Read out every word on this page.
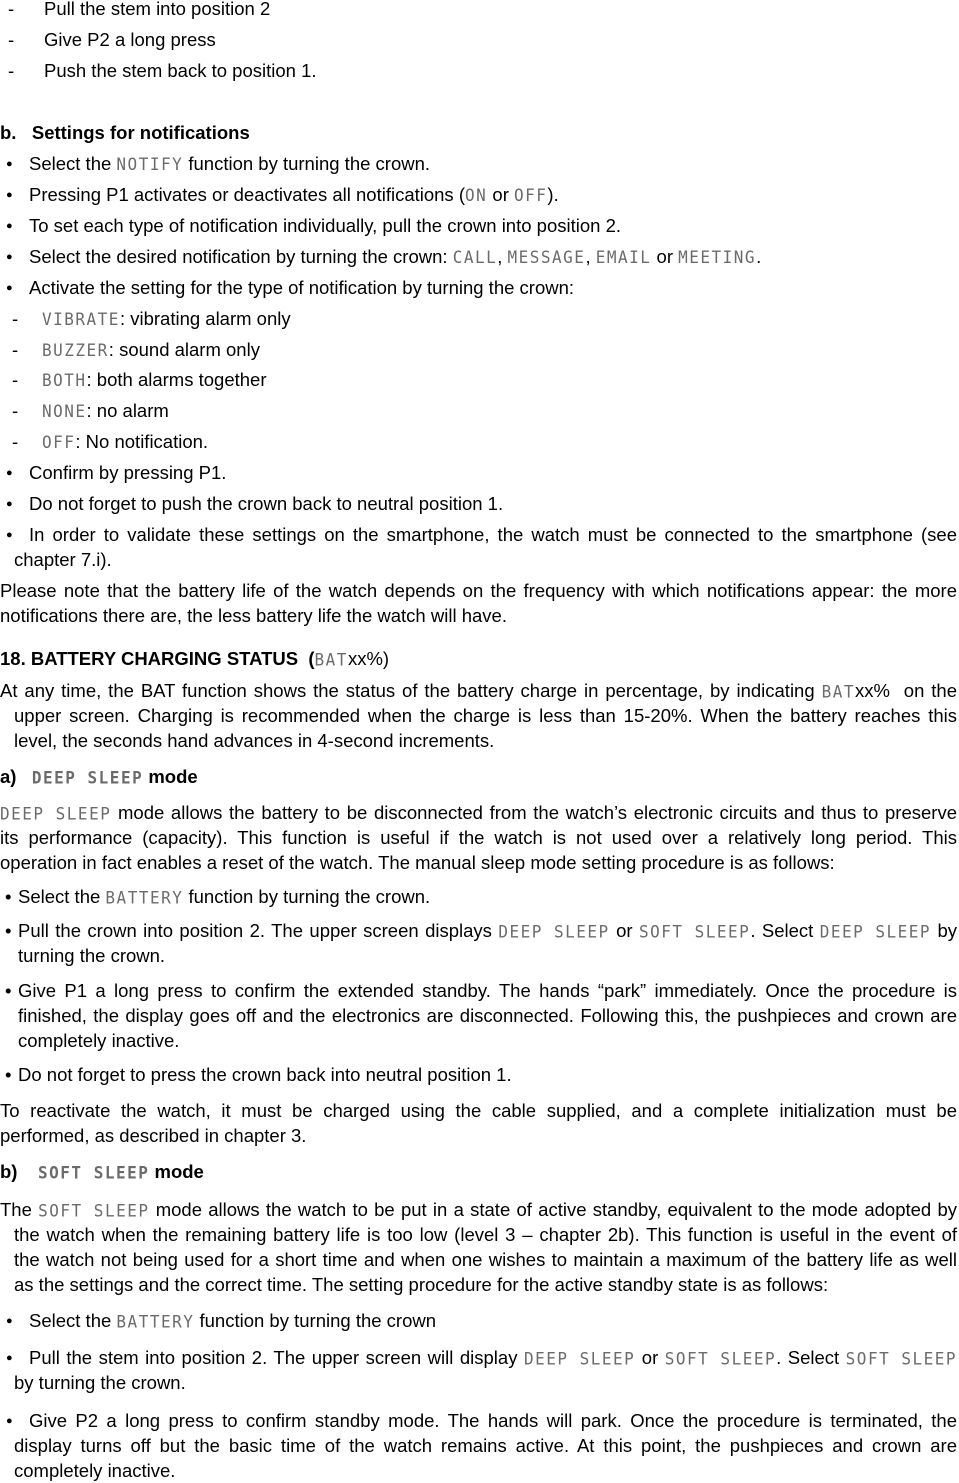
- Pull the stem into position 2
- Give P2 a long press
- Push the stem back to position 1.
b.   Settings for notifications
● Select the NOTIFY function by turning the crown.
● Pressing P1 activates or deactivates all notifications (ON or OFF).
● To set each type of notification individually, pull the crown into position 2.
● Select the desired notification by turning the crown: CALL, MESSAGE, EMAIL or MEETING.
● Activate the setting for the type of notification by turning the crown:
- VIBRATE: vibrating alarm only
- BUZZER: sound alarm only
- BOTH: both alarms together
- NONE: no alarm
- OFF: No notification.
● Confirm by pressing P1.
● Do not forget to push the crown back to neutral position 1.
● In order to validate these settings on the smartphone, the watch must be connected to the smartphone (see
chapter 7.i).
Please note that the battery life of the watch depends on the frequency with which notifications appear: the more
notifications there are, the less battery life the watch will have.
18. BATTERY CHARGING STATUS  (BATxx%)
At any time, the BAT function shows the status of the battery charge in percentage, by indicating BATxx%  on the
upper screen. Charging is recommended when the charge is less than 15-20%. When the battery reaches this
level, the seconds hand advances in 4-second increments.
a)   DEEP SLEEP mode
DEEP SLEEP mode allows the battery to be disconnected from the watch’s electronic circuits and thus to preserve
its performance (capacity). This function is useful if the watch is not used over a relatively long period. This
operation in fact enables a reset of the watch. The manual sleep mode setting procedure is as follows:
• Select the BATTERY function by turning the crown.
• Pull the crown into position 2. The upper screen displays DEEP SLEEP or SOFT SLEEP. Select DEEP SLEEP by
turning the crown.
• Give P1 a long press to confirm the extended standby. The hands “park” immediately. Once the procedure is
finished, the display goes off and the electronics are disconnected. Following this, the pushpieces and crown are
completely inactive.
• Do not forget to press the crown back into neutral position 1.
To reactivate the watch, it must be charged using the cable supplied, and a complete initialization must be
performed, as described in chapter 3.
b)    SOFT SLEEP mode
The SOFT SLEEP mode allows the watch to be put in a state of active standby, equivalent to the mode adopted by
the watch when the remaining battery life is too low (level 3 – chapter 2b). This function is useful in the event of
the watch not being used for a short time and when one wishes to maintain a maximum of the battery life as well
as the settings and the correct time. The setting procedure for the active standby state is as follows:
● Select the BATTERY function by turning the crown
● Pull the stem into position 2. The upper screen will display DEEP SLEEP or SOFT SLEEP. Select SOFT SLEEP
by turning the crown.
● Give P2 a long press to confirm standby mode. The hands will park. Once the procedure is terminated, the
display turns off but the basic time of the watch remains active. At this point, the pushpieces and crown are
completely inactive.
